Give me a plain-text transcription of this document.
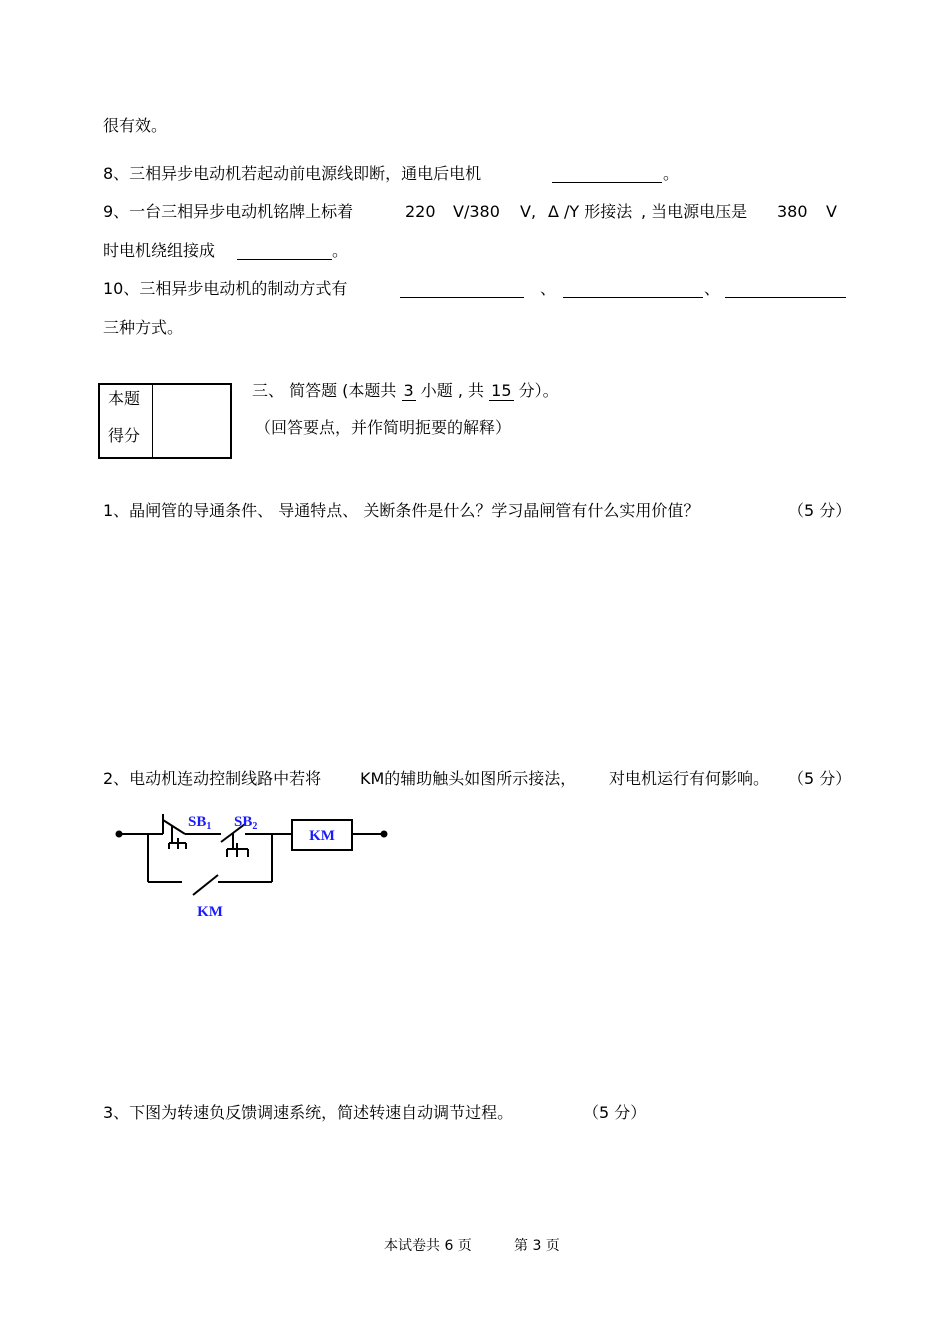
很有效。
8、三相异步电动机若起动前电源线即断，通电后电机	。
9、一台三相异步电动机铭牌上标着	220 V/380 V, Δ /Y 形接法 , 当电源电压是 380 V
时电机绕组接成	。
10、三相异步电动机的制动方式有	、	、
三种方式。
本题
得分
三、 简答题 (本题共 3 小题 , 共 15 分）。
（回答要点，并作简明扼要的解释）
1、晶闸管的导通条件、 导通特点、 关断条件是什么？学习晶闸管有什么实用价值？	（5 分）
2、电动机连动控制线路中若将 KM的辅助触头如图所示接法， 对电机运行有何影响。 （5 分）
$SB_1$ $SB_2$
KM
KM
3、下图为转速负反馈调速系统，简述转速自动调节过程。	（5 分）
本试卷共 6 页	第 3 页
